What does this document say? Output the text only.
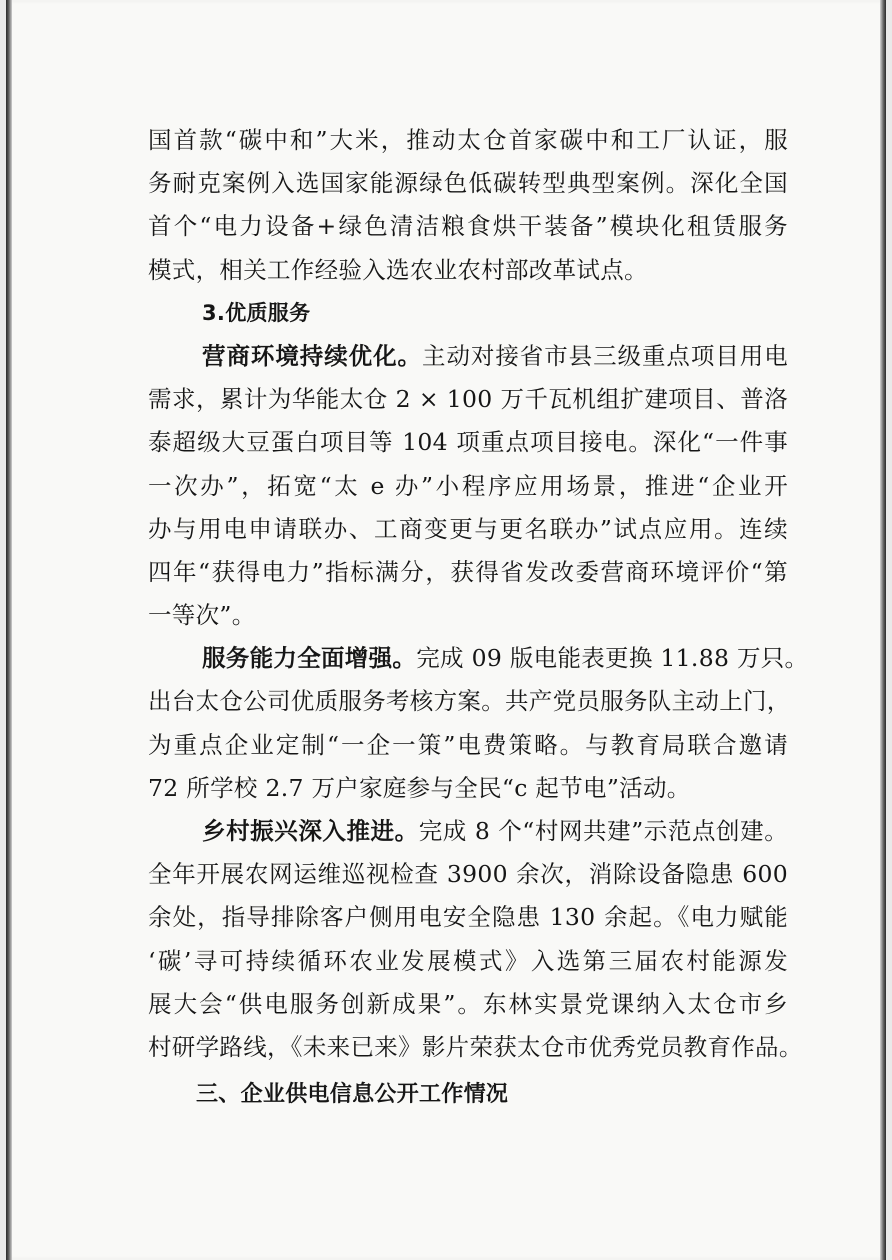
国首款“碳中和”大米，推动太仓首家碳中和工厂认证，服
务耐克案例入选国家能源绿色低碳转型典型案例。深化全国
首个“电力设备+绿色清洁粮食烘干装备”模块化租赁服务
模式，相关工作经验入选农业农村部改革试点。
3.优质服务
营商环境持续优化。主动对接省市县三级重点项目用电
需求，累计为华能太仓 2 × 100 万千瓦机组扩建项目、普洛
泰超级大豆蛋白项目等 104 项重点项目接电。深化“一件事
一次办”，拓宽“太 e 办”小程序应用场景，推进“企业开
办与用电申请联办、工商变更与更名联办”试点应用。连续
四年“获得电力”指标满分，获得省发改委营商环境评价“第
一等次”。
服务能力全面增强。完成 09 版电能表更换 11.88 万只。
出台太仓公司优质服务考核方案。共产党员服务队主动上门，
为重点企业定制“一企一策”电费策略。与教育局联合邀请
72 所学校 2.7 万户家庭参与全民“c 起节电”活动。
乡村振兴深入推进。完成 8 个“村网共建”示范点创建。
全年开展农网运维巡视检查 3900 余次，消除设备隐患 600
余处，指导排除客户侧用电安全隐患 130 余起。《电力赋能
‘碳’寻可持续循环农业发展模式》入选第三届农村能源发
展大会“供电服务创新成果”。东林实景党课纳入太仓市乡
村研学路线，《未来已来》影片荣获太仓市优秀党员教育作品。
三、企业供电信息公开工作情况
